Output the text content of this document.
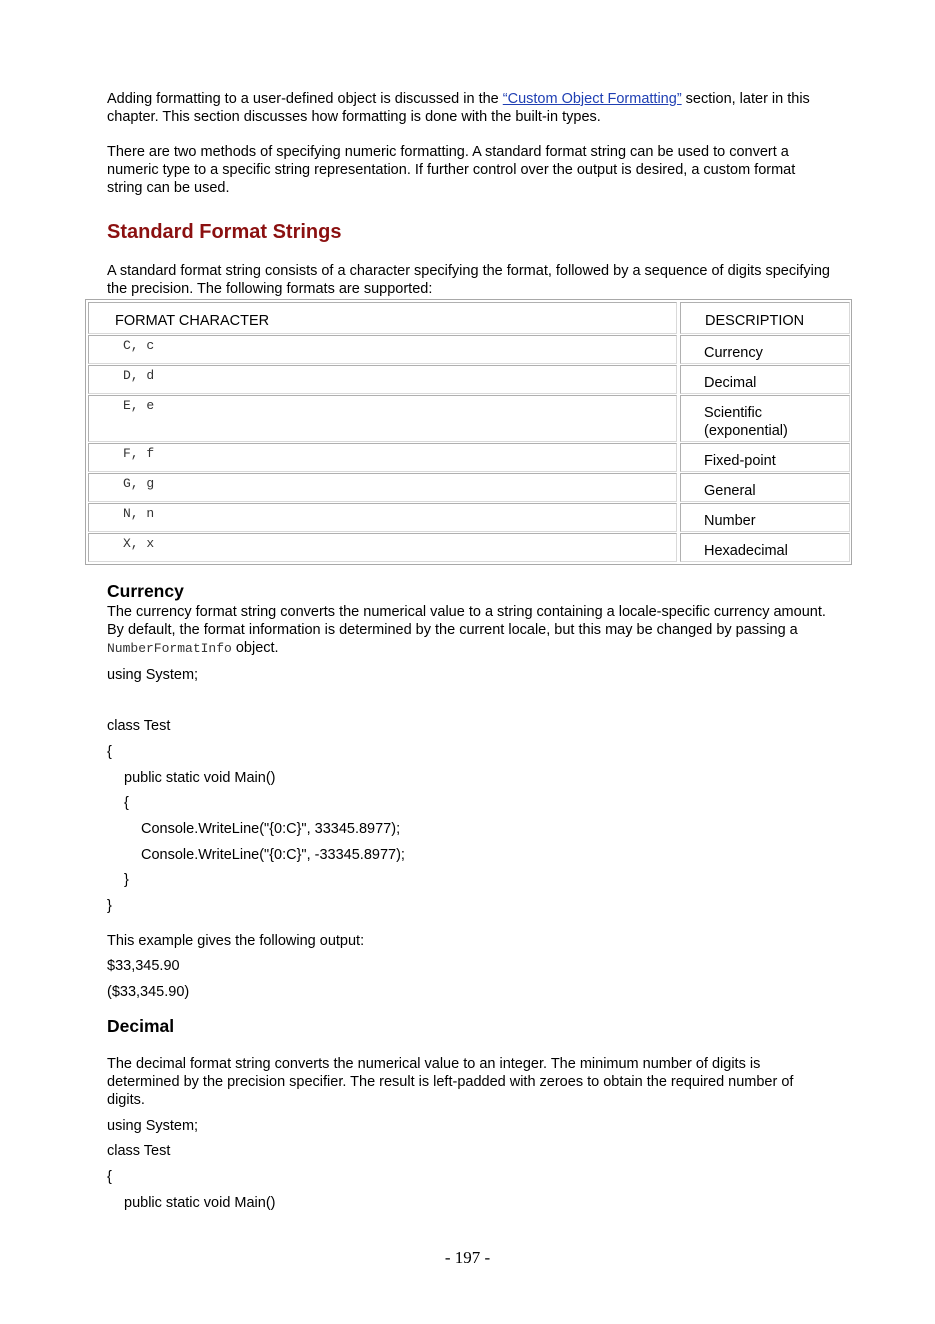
Adding formatting to a user-defined object is discussed in the “Custom Object Formatting” section, later in this chapter. This section discusses how formatting is done with the built-in types.

There are two methods of specifying numeric formatting. A standard format string can be used to convert a numeric type to a specific string representation. If further control over the output is desired, a custom format string can be used.

Standard Format Strings

A standard format string consists of a character specifying the format, followed by a sequence of digits specifying the precision. The following formats are supported:

FORMAT CHARACTER	DESCRIPTION
C, c	Currency
D, d	Decimal
E, e	Scientific (exponential)
F, f	Fixed-point
G, g	General
N, n	Number
X, x	Hexadecimal
Currency

The currency format string converts the numerical value to a string containing a locale-specific currency amount. By default, the format information is determined by the current locale, but this may be changed by passing a NumberFormatInfo object.

using System;
class Test
{
public static void Main()
{
Console.WriteLine("{0:C}", 33345.8977);
Console.WriteLine("{0:C}", -33345.8977);
}
}
This example gives the following output:
$33,345.90
($33,345.90)
Decimal

The decimal format string converts the numerical value to an integer. The minimum number of digits is determined by the precision specifier. The result is left-padded with zeroes to obtain the required number of digits.

using System;
class Test
{
public static void Main()
- 197 -
